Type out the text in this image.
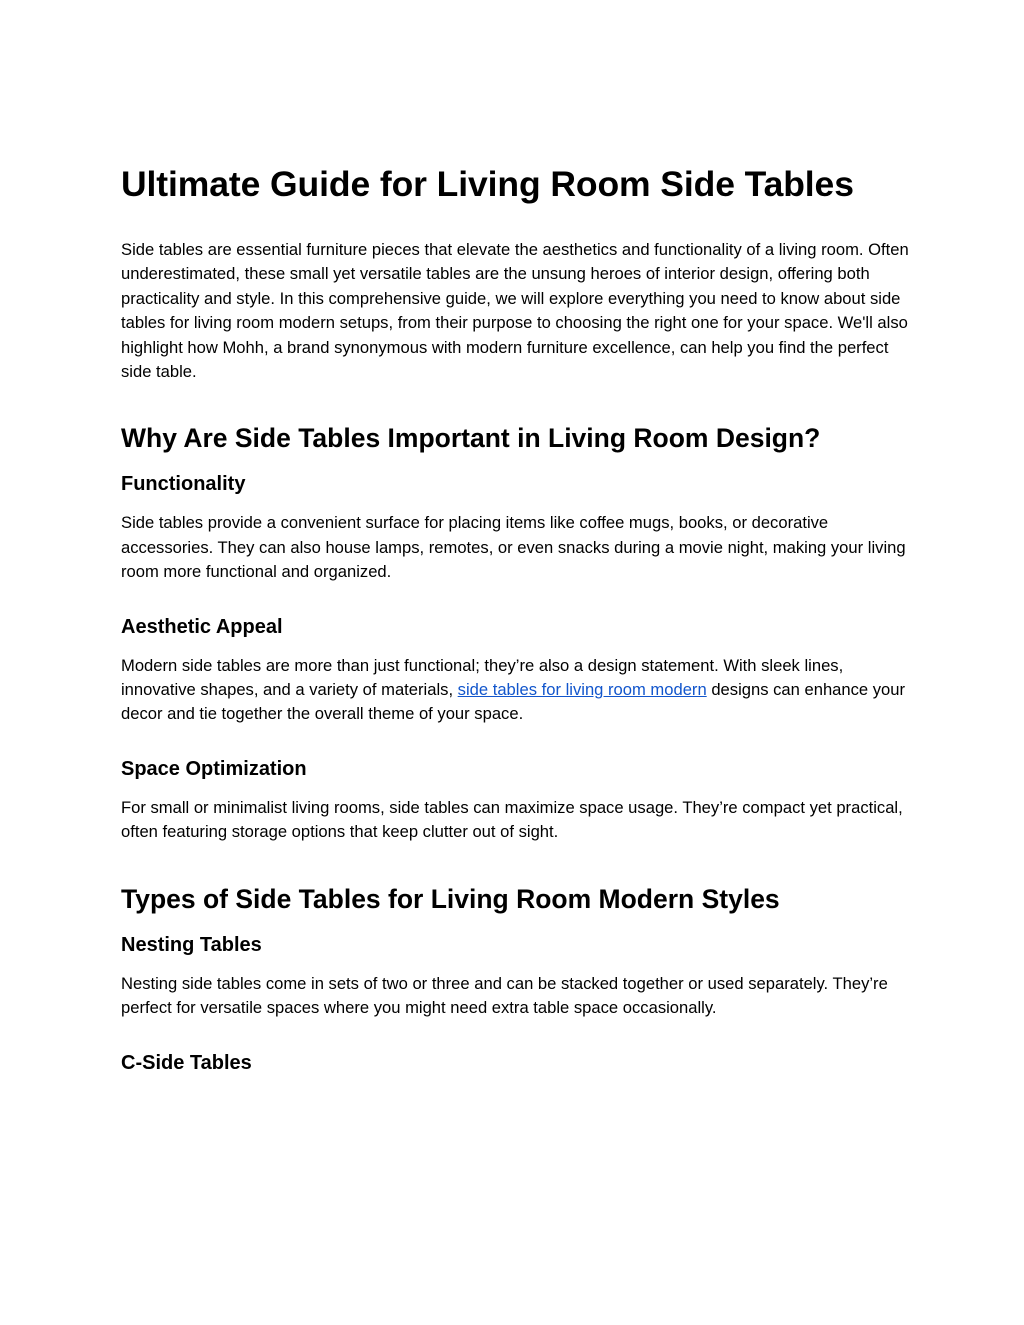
Ultimate Guide for Living Room Side Tables

Side tables are essential furniture pieces that elevate the aesthetics and functionality of a living room. Often underestimated, these small yet versatile tables are the unsung heroes of interior design, offering both practicality and style. In this comprehensive guide, we will explore everything you need to know about side tables for living room modern setups, from their purpose to choosing the right one for your space. We'll also highlight how Mohh, a brand synonymous with modern furniture excellence, can help you find the perfect side table.

Why Are Side Tables Important in Living Room Design?
Functionality

Side tables provide a convenient surface for placing items like coffee mugs, books, or decorative accessories. They can also house lamps, remotes, or even snacks during a movie night, making your living room more functional and organized.

Aesthetic Appeal

Modern side tables are more than just functional; they’re also a design statement. With sleek lines, innovative shapes, and a variety of materials, side tables for living room modern designs can enhance your decor and tie together the overall theme of your space.

Space Optimization

For small or minimalist living rooms, side tables can maximize space usage. They’re compact yet practical, often featuring storage options that keep clutter out of sight.

Types of Side Tables for Living Room Modern Styles
Nesting Tables

Nesting side tables come in sets of two or three and can be stacked together or used separately. They’re perfect for versatile spaces where you might need extra table space occasionally.

C-Side Tables
